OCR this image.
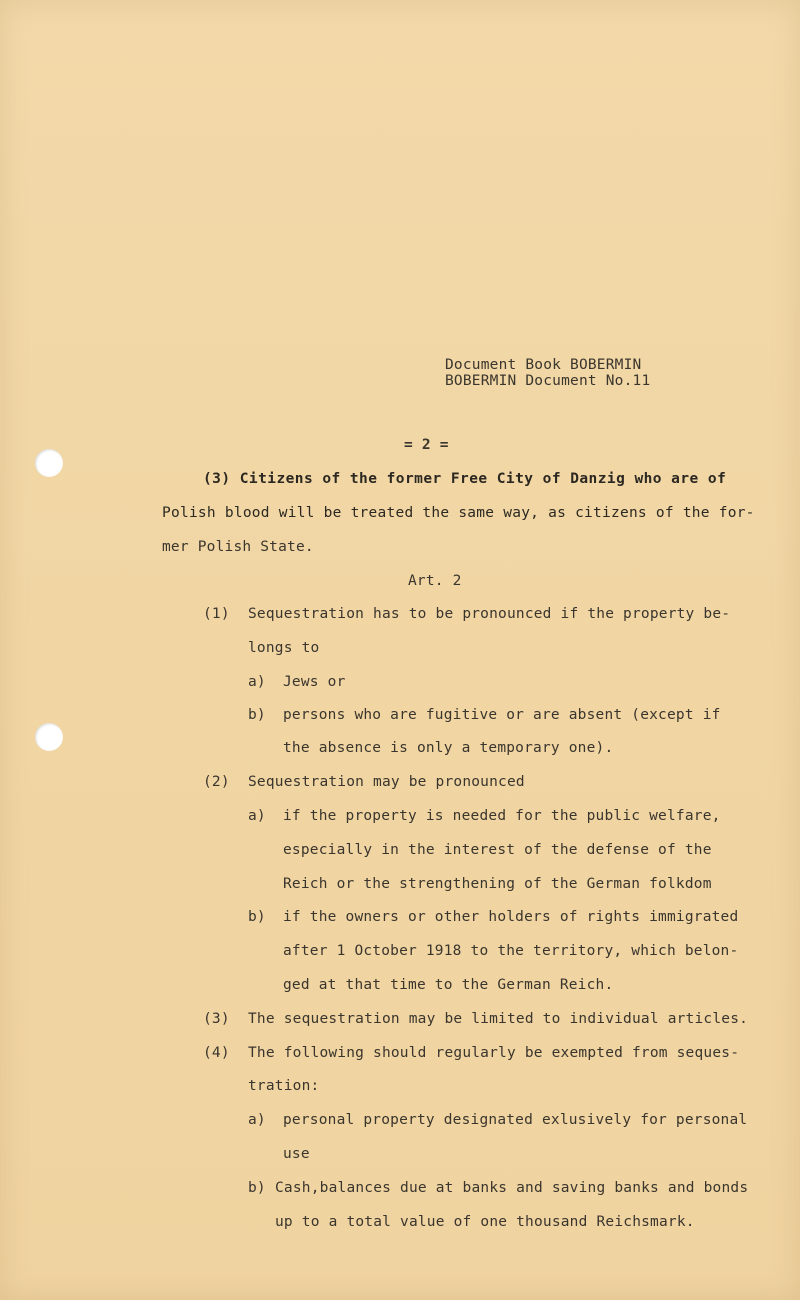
Document Book BOBERMIN
BOBERMIN Document No.11
= 2 =
(3) Citizens of the former Free City of Danzig who are of
Polish blood will be treated the same way, as citizens of the for-
mer Polish State.
Art. 2
(1) Sequestration has to be pronounced if the property be-
longs to
a) Jews or
b) persons who are fugitive or are absent (except if
the absence is only a temporary one).
(2) Sequestration may be pronounced
a) if the property is needed for the public welfare,
especially in the interest of the defense of the
Reich or the strengthening of the German folkdom
b) if the owners or other holders of rights immigrated
after 1 October 1918 to the territory, which belon-
ged at that time to the German Reich.
(3) The sequestration may be limited to individual articles.
(4) The following should regularly be exempted from seques-
tration:
a) personal property designated exlusively for personal
use
b) Cash,balances due at banks and saving banks and bonds
up to a total value of one thousand Reichsmark.
